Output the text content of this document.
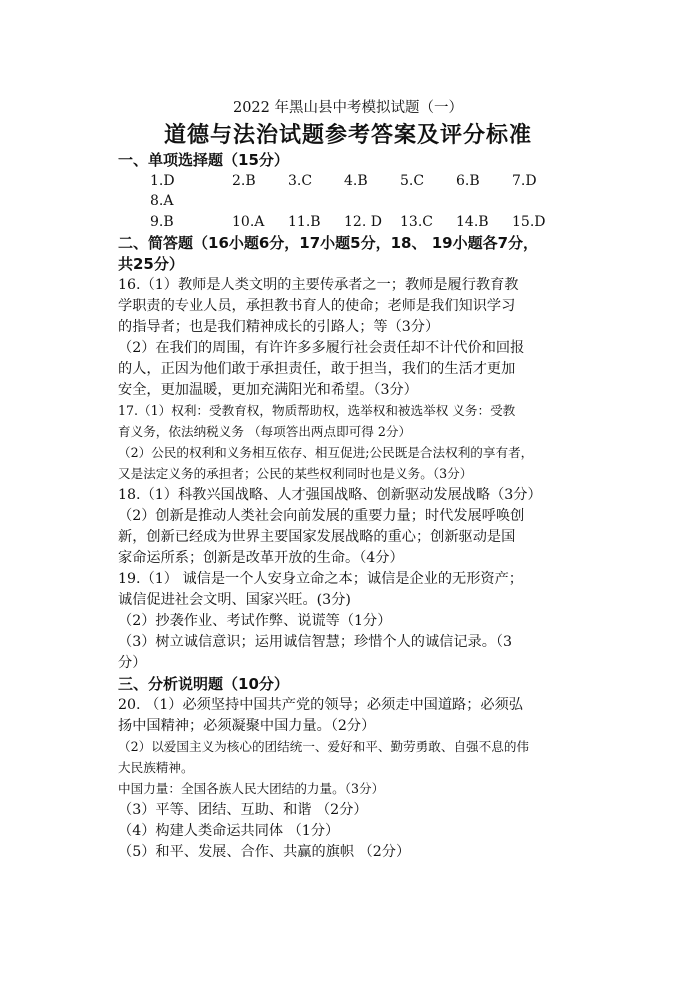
2022 年黑山县中考模拟试题（一）
道德与法治试题参考答案及评分标准
一、单项选择题（15分）
1.D	2.B 3.C 4.B 5.C 6.B 7.D
8.A
9.B	10.A 11.B 12. D 13.C 14.B 15.D
二、简答题（16小题6分，17小题5分，18、 19小题各7分，
共25分）
16.（1）教师是人类文明的主要传承者之一；教师是履行教育教
学职责的专业人员，承担教书育人的使命；老师是我们知识学习
的指导者；也是我们精神成长的引路人；等（3分）
（2）在我们的周围，有许许多多履行社会责任却不计代价和回报
的人，正因为他们敢于承担责任，敢于担当，我们的生活才更加
安全，更加温暖，更加充满阳光和希望。（3分）
17.（1）权利：受教育权，物质帮助权，选举权和被选举权 义务：受教
育义务，依法纳税义务 （每项答出两点即可得 2分）
（2）公民的权利和义务相互依存、相互促进;公民既是合法权利的享有者，
又是法定义务的承担者；公民的某些权利同时也是义务。（3分）
18.（1）科教兴国战略、人才强国战略、创新驱动发展战略（3分）
（2）创新是推动人类社会向前发展的重要力量；时代发展呼唤创
新，创新已经成为世界主要国家发展战略的重心；创新驱动是国
家命运所系；创新是改革开放的生命。（4分）
19.（1） 诚信是一个人安身立命之本；诚信是企业的无形资产；
诚信促进社会文明、国家兴旺。(3分)
（2）抄袭作业、考试作弊、说谎等（1分）
（3）树立诚信意识；运用诚信智慧；珍惜个人的诚信记录。（3
分）
三、分析说明题（10分）
20. （1）必须坚持中国共产党的领导；必须走中国道路；必须弘
扬中国精神；必须凝聚中国力量。（2分）
（2）以爱国主义为核心的团结统一、爱好和平、勤劳勇敢、自强不息的伟
大民族精神。
中国力量：全国各族人民大团结的力量。（3分）
（3）平等、团结、互助、和谐 （2分）
（4）构建人类命运共同体 （1分）
（5）和平、发展、合作、共赢的旗帜 （2分）
